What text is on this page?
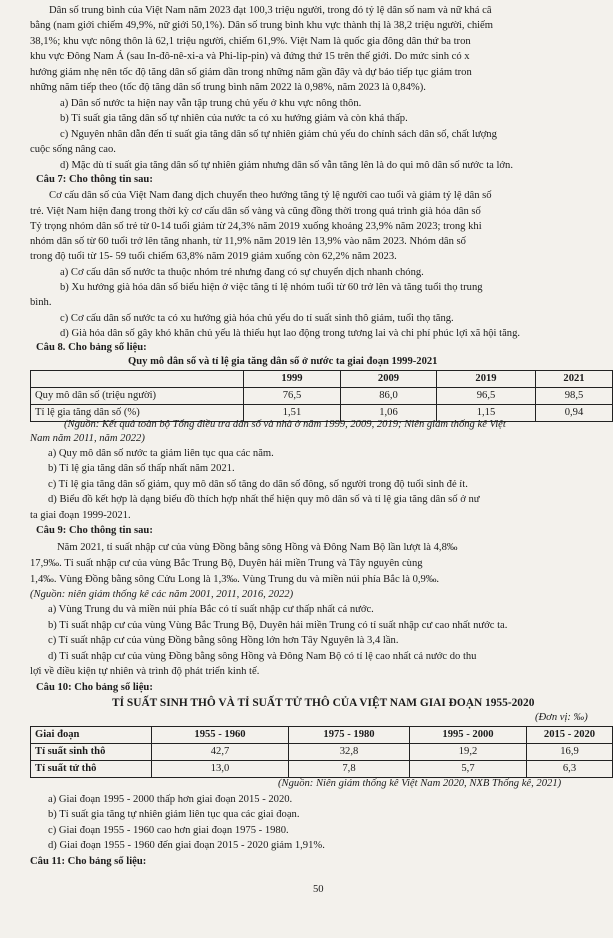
Dân số trung bình của Việt Nam năm 2023 đạt 100,3 triệu người, trong đó tỷ lệ dân số nam và nữ khá câ
bằng (nam giới chiếm 49,9%, nữ giới 50,1%). Dân số trung bình khu vực thành thị là 38,2 triệu người, chiếm
38,1%; khu vực nông thôn là 62,1 triệu người, chiếm 61,9%. Việt Nam là quốc gia đông dân thứ ba tron
khu vực Đông Nam Á (sau In-đô-nê-xi-a và Phi-lip-pin) và đứng thứ 15 trên thế giới. Do mức sinh có x
hướng giảm nhẹ nên tốc độ tăng dân số giảm dần trong những năm gần đây và dự báo tiếp tục giảm tron
những năm tiếp theo (tốc độ tăng dân số trung bình năm 2022 là 0,98%, năm 2023 là 0,84%).
a) Dân số nước ta hiện nay vẫn tập trung chủ yếu ở khu vực nông thôn.
b) Tỉ suất gia tăng dân số tự nhiên của nước ta có xu hướng giảm và còn khá thấp.
c) Nguyên nhân dẫn đến tỉ suất gia tăng dân số tự nhiên giảm chủ yếu do chính sách dân số, chất lượng
cuộc sống nâng cao.
d) Mặc dù tỉ suất gia tăng dân số tự nhiên giảm nhưng dân số vẫn tăng lên là do qui mô dân số nước ta lớn.
Câu 7: Cho thông tin sau:
Cơ cấu dân số của Việt Nam đang dịch chuyển theo hướng tăng tỷ lệ người cao tuổi và giảm tỷ lệ dân số
trẻ. Việt Nam hiện đang trong thời kỳ cơ cấu dân số vàng và cũng đồng thời trong quá trình già hóa dân số
Tỷ trọng nhóm dân số trẻ từ 0-14 tuổi giảm từ 24,3% năm 2019 xuống khoảng 23,9% năm 2023; trong khi
nhóm dân số từ 60 tuổi trở lên tăng nhanh, từ 11,9% năm 2019 lên 13,9% vào năm 2023. Nhóm dân số
trong độ tuổi từ 15- 59 tuổi chiếm 63,8% năm 2019 giảm xuống còn 62,2% năm 2023.
a) Cơ cấu dân số nước ta thuộc nhóm trẻ nhưng đang có sự chuyển dịch nhanh chóng.
b) Xu hướng già hóa dân số biểu hiện ở việc tăng tỉ lệ nhóm tuổi từ 60 trở lên và tăng tuổi thọ trung
bình.
c) Cơ cấu dân số nước ta có xu hướng già hóa chủ yếu do tỉ suất sinh thô giảm, tuổi thọ tăng.
d) Già hóa dân số gây khó khăn chủ yếu là thiếu hụt lao động trong tương lai và chi phí phúc lợi xã hội tăng.
Câu 8. Cho bảng số liệu:
Quy mô dân số và tỉ lệ gia tăng dân số ở nước ta giai đoạn 1999-2021
	1999	2009	2019	2021
Quy mô dân số (triệu người)	76,5	86,0	96,5	98,5
Tỉ lệ gia tăng dân số (%)	1,51	1,06	1,15	0,94
(Nguồn: Kết quả toàn bộ Tổng điều tra dân số và nhà ở năm 1999, 2009, 2019; Niên giám thống kê Việt
Nam năm 2011, năm 2022)
a) Quy mô dân số nước ta giảm liên tục qua các năm.
b) Tỉ lệ gia tăng dân số thấp nhất năm 2021.
c) Tỉ lệ gia tăng dân số giảm, quy mô dân số tăng do dân số đông, số người trong độ tuổi sinh đẻ ít.
d) Biểu đồ kết hợp là dạng biểu đồ thích hợp nhất thể hiện quy mô dân số và tỉ lệ gia tăng dân số ở nư
ta giai đoạn 1999-2021.
Câu 9: Cho thông tin sau:
Năm 2021, tỉ suất nhập cư của vùng Đồng bằng sông Hồng và Đông Nam Bộ lần lượt là 4,8‰
17,9‰. Tỉ suất nhập cư của vùng Bắc Trung Bộ, Duyên hải miền Trung và Tây nguyên cùng
1,4‰. Vùng Đồng bằng sông Cửu Long là 1,3‰. Vùng Trung du và miền núi phía Bắc là 0,9‰.
(Nguồn: niên giám thống kê các năm 2001, 2011, 2016, 2022)
a) Vùng Trung du và miền núi phía Bắc có tỉ suất nhập cư thấp nhất cả nước.
b) Tỉ suất nhập cư của vùng Vùng Bắc Trung Bộ, Duyên hải miền Trung có tỉ suất nhập cư cao nhất nước ta.
c) Tỉ suất nhập cư của vùng Đồng bằng sông Hồng lớn hơn Tây Nguyên là 3,4 lần.
d) Tỉ suất nhập cư của vùng Đồng bằng sông Hồng và Đông Nam Bộ có tỉ lệ cao nhất cả nước do thu
lợi về điều kiện tự nhiên và trình độ phát triển kinh tế.
Câu 10: Cho bảng số liệu:
TỈ SUẤT SINH THÔ VÀ TỈ SUẤT TỬ THÔ CỦA VIỆT NAM GIAI ĐOẠN 1955-2020
(Đơn vị: ‰)
Giai đoạn	1955 - 1960	1975 - 1980	1995 - 2000	2015 - 2020
Tỉ suất sinh thô	42,7	32,8	19,2	16,9
Tỉ suất tử thô	13,0	7,8	5,7	6,3
(Nguồn: Niên giám thống kê Việt Nam 2020, NXB Thống kê, 2021)
a) Giai đoạn 1995 - 2000 thấp hơn giai đoạn 2015 - 2020.
b) Tỉ suất gia tăng tự nhiên giảm liên tục qua các giai đoạn.
c) Giai đoạn 1955 - 1960 cao hơn giai đoạn 1975 - 1980.
d) Giai đoạn 1955 - 1960 đến giai đoạn 2015 - 2020 giảm 1,91%.
Câu 11: Cho bảng số liệu:
50
